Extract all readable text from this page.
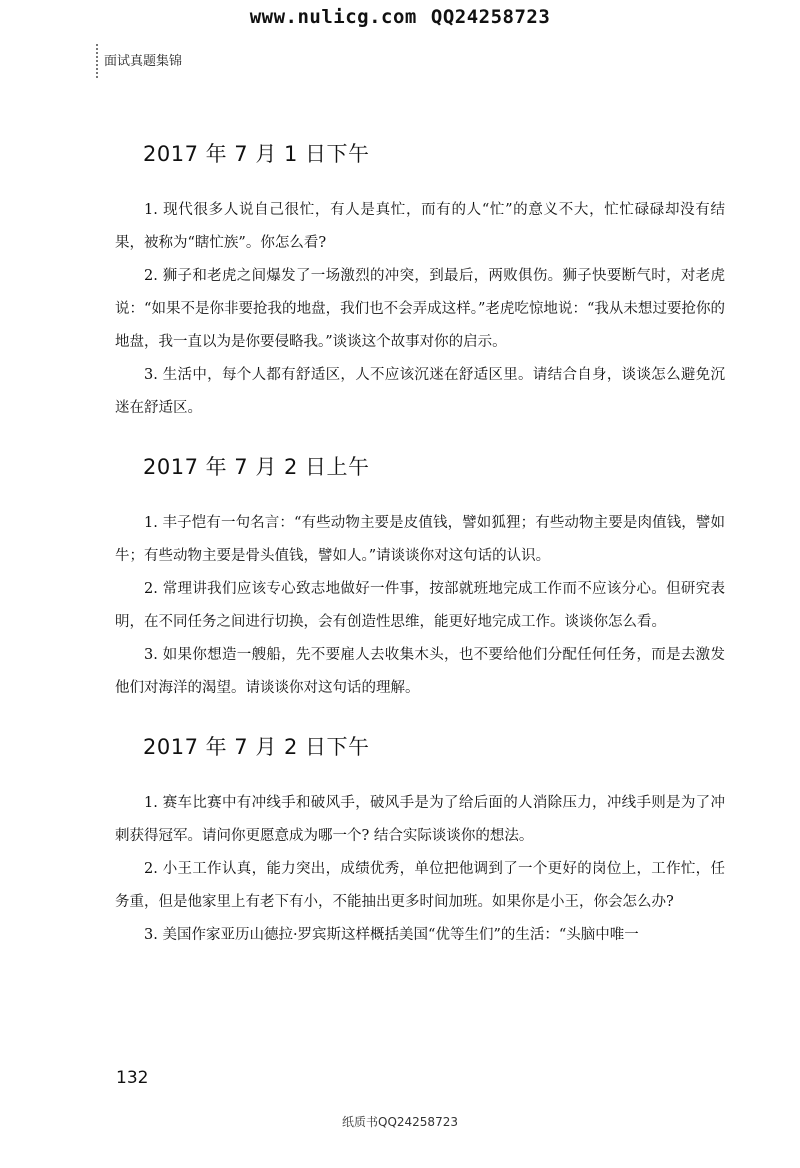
www.nulicg.com QQ24258723
面试真题集锦
2017 年 7 月 1 日下午

1. 现代很多人说自己很忙，有人是真忙，而有的人“忙”的意义不大，忙忙碌碌却没有结果，被称为“瞎忙族”。你怎么看?

2. 狮子和老虎之间爆发了一场激烈的冲突，到最后，两败俱伤。狮子快要断气时，对老虎说：“如果不是你非要抢我的地盘，我们也不会弄成这样。”老虎吃惊地说：“我从未想过要抢你的地盘，我一直以为是你要侵略我。”谈谈这个故事对你的启示。

3. 生活中，每个人都有舒适区，人不应该沉迷在舒适区里。请结合自身，谈谈怎么避免沉迷在舒适区。

2017 年 7 月 2 日上午

1. 丰子恺有一句名言：“有些动物主要是皮值钱，譬如狐狸；有些动物主要是肉值钱，譬如牛；有些动物主要是骨头值钱，譬如人。”请谈谈你对这句话的认识。

2. 常理讲我们应该专心致志地做好一件事，按部就班地完成工作而不应该分心。但研究表明，在不同任务之间进行切换，会有创造性思维，能更好地完成工作。谈谈你怎么看。

3. 如果你想造一艘船，先不要雇人去收集木头，也不要给他们分配任何任务，而是去激发他们对海洋的渴望。请谈谈你对这句话的理解。

2017 年 7 月 2 日下午

1. 赛车比赛中有冲线手和破风手，破风手是为了给后面的人消除压力，冲线手则是为了冲刺获得冠军。请问你更愿意成为哪一个? 结合实际谈谈你的想法。

2. 小王工作认真，能力突出，成绩优秀，单位把他调到了一个更好的岗位上，工作忙，任务重，但是他家里上有老下有小，不能抽出更多时间加班。如果你是小王，你会怎么办?

3. 美国作家亚历山德拉·罗宾斯这样概括美国“优等生们”的生活：“头脑中唯一

132
纸质书QQ24258723
